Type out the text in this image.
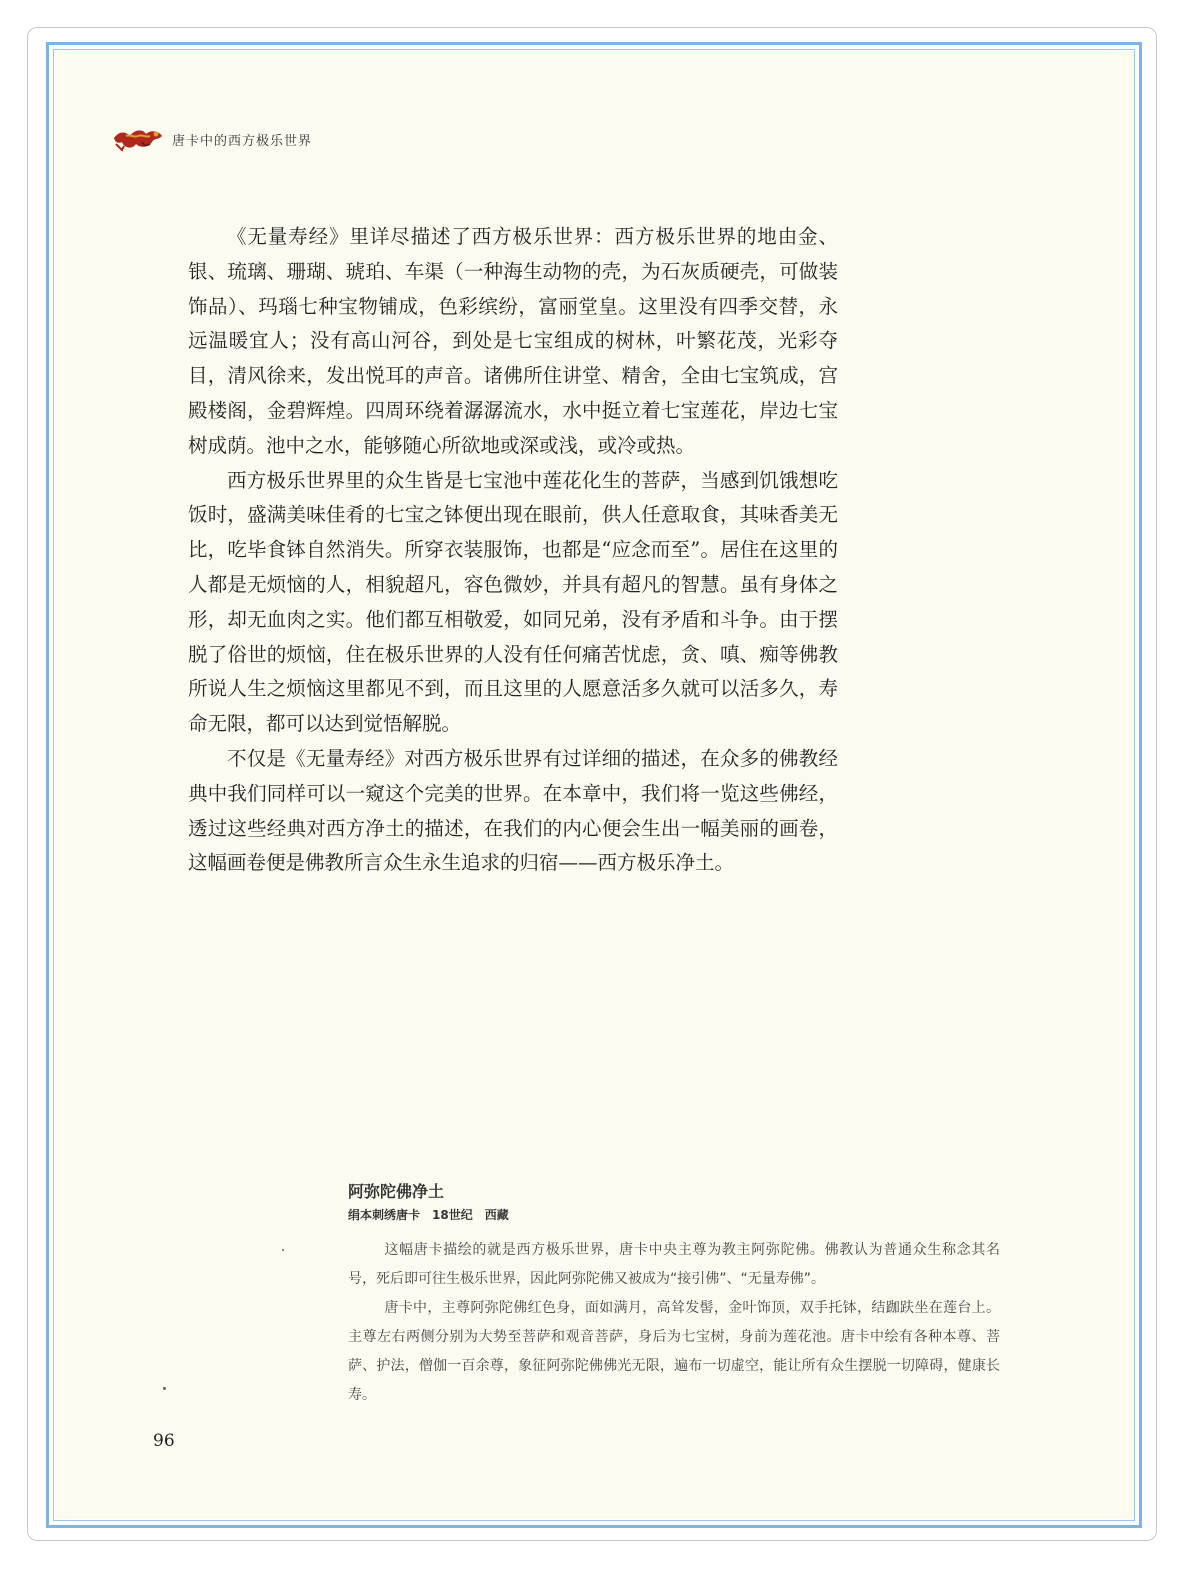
唐卡中的西方极乐世界

《无量寿经》里详尽描述了西方极乐世界：西方极乐世界的地由金、银、琉璃、珊瑚、琥珀、车渠（一种海生动物的壳，为石灰质硬壳，可做装饰品）、玛瑙七种宝物铺成，色彩缤纷，富丽堂皇。这里没有四季交替，永远温暖宜人；没有高山河谷，到处是七宝组成的树林，叶繁花茂，光彩夺目，清风徐来，发出悦耳的声音。诸佛所住讲堂、精舍，全由七宝筑成，宫殿楼阁，金碧辉煌。四周环绕着潺潺流水，水中挺立着七宝莲花，岸边七宝树成荫。池中之水，能够随心所欲地或深或浅，或冷或热。

西方极乐世界里的众生皆是七宝池中莲花化生的菩萨，当感到饥饿想吃饭时，盛满美味佳肴的七宝之钵便出现在眼前，供人任意取食，其味香美无比，吃毕食钵自然消失。所穿衣装服饰，也都是“应念而至”。居住在这里的人都是无烦恼的人，相貌超凡，容色微妙，并具有超凡的智慧。虽有身体之形，却无血肉之实。他们都互相敬爱，如同兄弟，没有矛盾和斗争。由于摆脱了俗世的烦恼，住在极乐世界的人没有任何痛苦忧虑，贪、嗔、痴等佛教所说人生之烦恼这里都见不到，而且这里的人愿意活多久就可以活多久，寿命无限，都可以达到觉悟解脱。

不仅是《无量寿经》对西方极乐世界有过详细的描述，在众多的佛教经典中我们同样可以一窥这个完美的世界。在本章中，我们将一览这些佛经，透过这些经典对西方净土的描述，在我们的内心便会生出一幅美丽的画卷，这幅画卷便是佛教所言众生永生追求的归宿——西方极乐净土。

阿弥陀佛净土

绢本刺绣唐卡　18世纪　西藏

这幅唐卡描绘的就是西方极乐世界，唐卡中央主尊为教主阿弥陀佛。佛教认为普通众生称念其名号，死后即可往生极乐世界，因此阿弥陀佛又被成为“接引佛”、“无量寿佛”。

唐卡中，主尊阿弥陀佛红色身，面如满月，高耸发髻，金叶饰顶，双手托钵，结跏趺坐在莲台上。主尊左右两侧分别为大势至菩萨和观音菩萨，身后为七宝树，身前为莲花池。唐卡中绘有各种本尊、菩萨、护法，僧伽一百余尊，象征阿弥陀佛佛光无限，遍布一切虚空，能让所有众生摆脱一切障碍，健康长寿。

96
